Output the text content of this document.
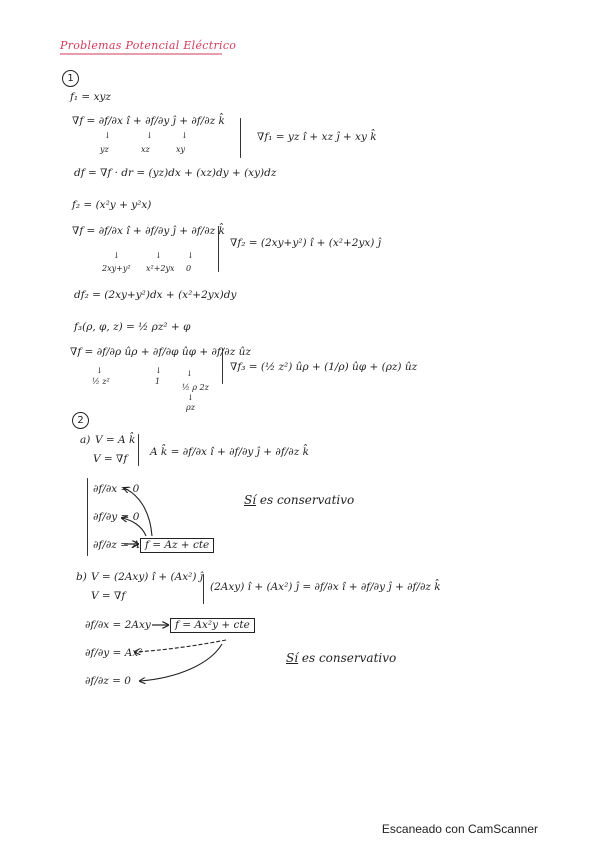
Problemas Potencial Eléctrico
1
f₁ = xyz
∇f = ∂f/∂x î + ∂f/∂y ĵ + ∂f/∂z k̂
↓	↓	↓
yz	xz	xy
∇f₁ = yz î + xz ĵ + xy k̂
df = ∇f · dr = (yz)dx + (xz)dy + (xy)dz
f₂ = (x²y + y²x)
∇f = ∂f/∂x î + ∂f/∂y ĵ + ∂f/∂z k̂
↓	↓	↓
2xy+y² x²+2yx 0
∇f₂ = (2xy+y²) î + (x²+2yx) ĵ
df₂ = (2xy+y²)dx + (x²+2yx)dy
f₃(ρ, φ, z) = ½ ρz² + φ
∇f = ∂f/∂ρ ûρ + ∂f/∂φ ûφ + ∂f/∂z ûz
↓	↓	↓
½ z²	1
½ ρ 2z
↓
ρz
∇f₃ = (½ z²) ûρ + (1/ρ) ûφ + (ρz) ûz
2
a) V = A k̂
V = ∇f
A k̂ = ∂f/∂x î + ∂f/∂y ĵ + ∂f/∂z k̂
∂f/∂x = 0
∂f/∂y = 0
∂f/∂z = A f = Az + cte
Sí es conservativo
b) V = (2Axy) î + (Ax²) ĵ
V = ∇f
(2Axy) î + (Ax²) ĵ = ∂f/∂x î + ∂f/∂y ĵ + ∂f/∂z k̂
∂f/∂x = 2Axy	f = Ax²y + cte
∂f/∂y = Ax²
∂f/∂z = 0
Sí es conservativo
Escaneado con CamScanner
